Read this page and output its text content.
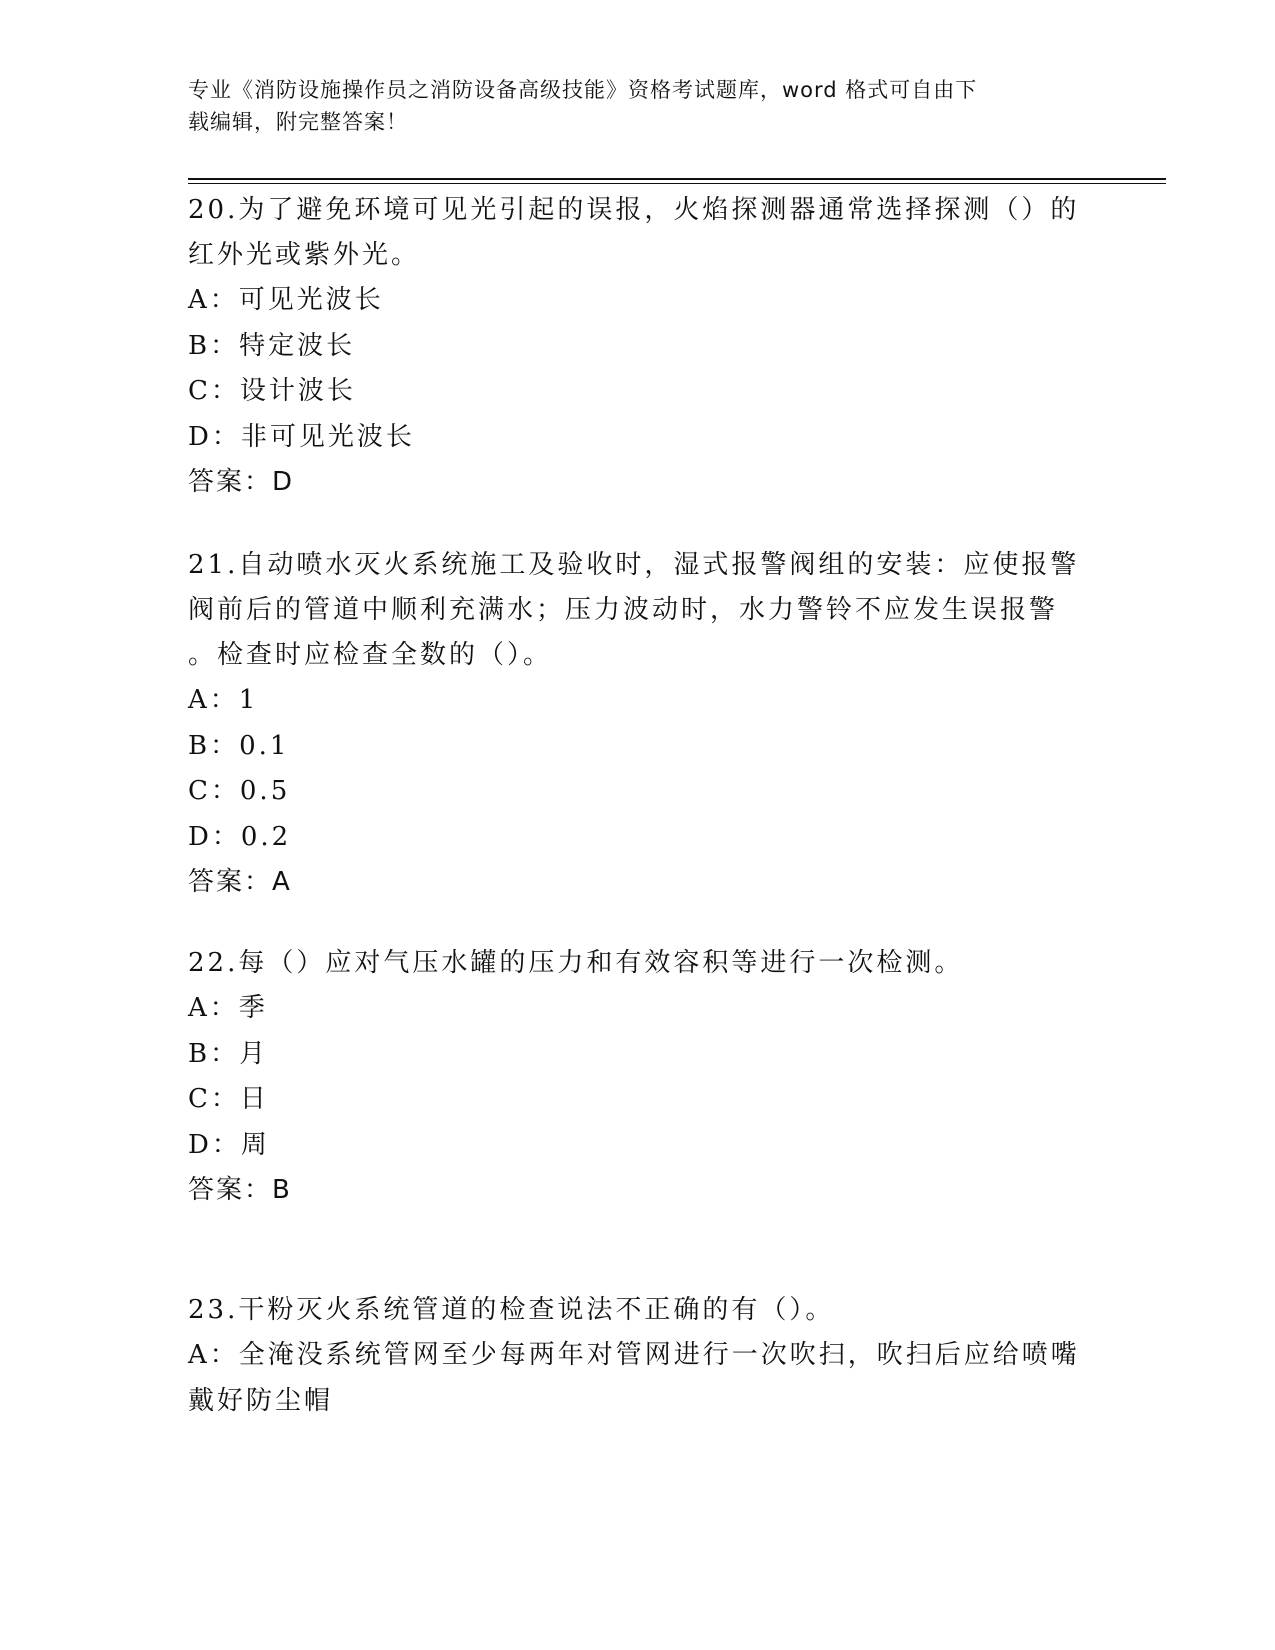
专业《消防设施操作员之消防设备高级技能》资格考试题库，word 格式可自由下
载编辑，附完整答案！

20.为了避免环境可见光引起的误报，火焰探测器通常选择探测（）的

红外光或紫外光。

A：可见光波长

B：特定波长

C：设计波长

D：非可见光波长

答案：D

21.自动喷水灭火系统施工及验收时，湿式报警阀组的安装：应使报警

阀前后的管道中顺利充满水；压力波动时，水力警铃不应发生误报警

。检查时应检查全数的（）。

A：1

B：0.1

C：0.5

D：0.2

答案：A

22.每（）应对气压水罐的压力和有效容积等进行一次检测。

A：季

B：月

C：日

D：周

答案：B

23.干粉灭火系统管道的检查说法不正确的有（）。

A：全淹没系统管网至少每两年对管网进行一次吹扫，吹扫后应给喷嘴

戴好防尘帽
